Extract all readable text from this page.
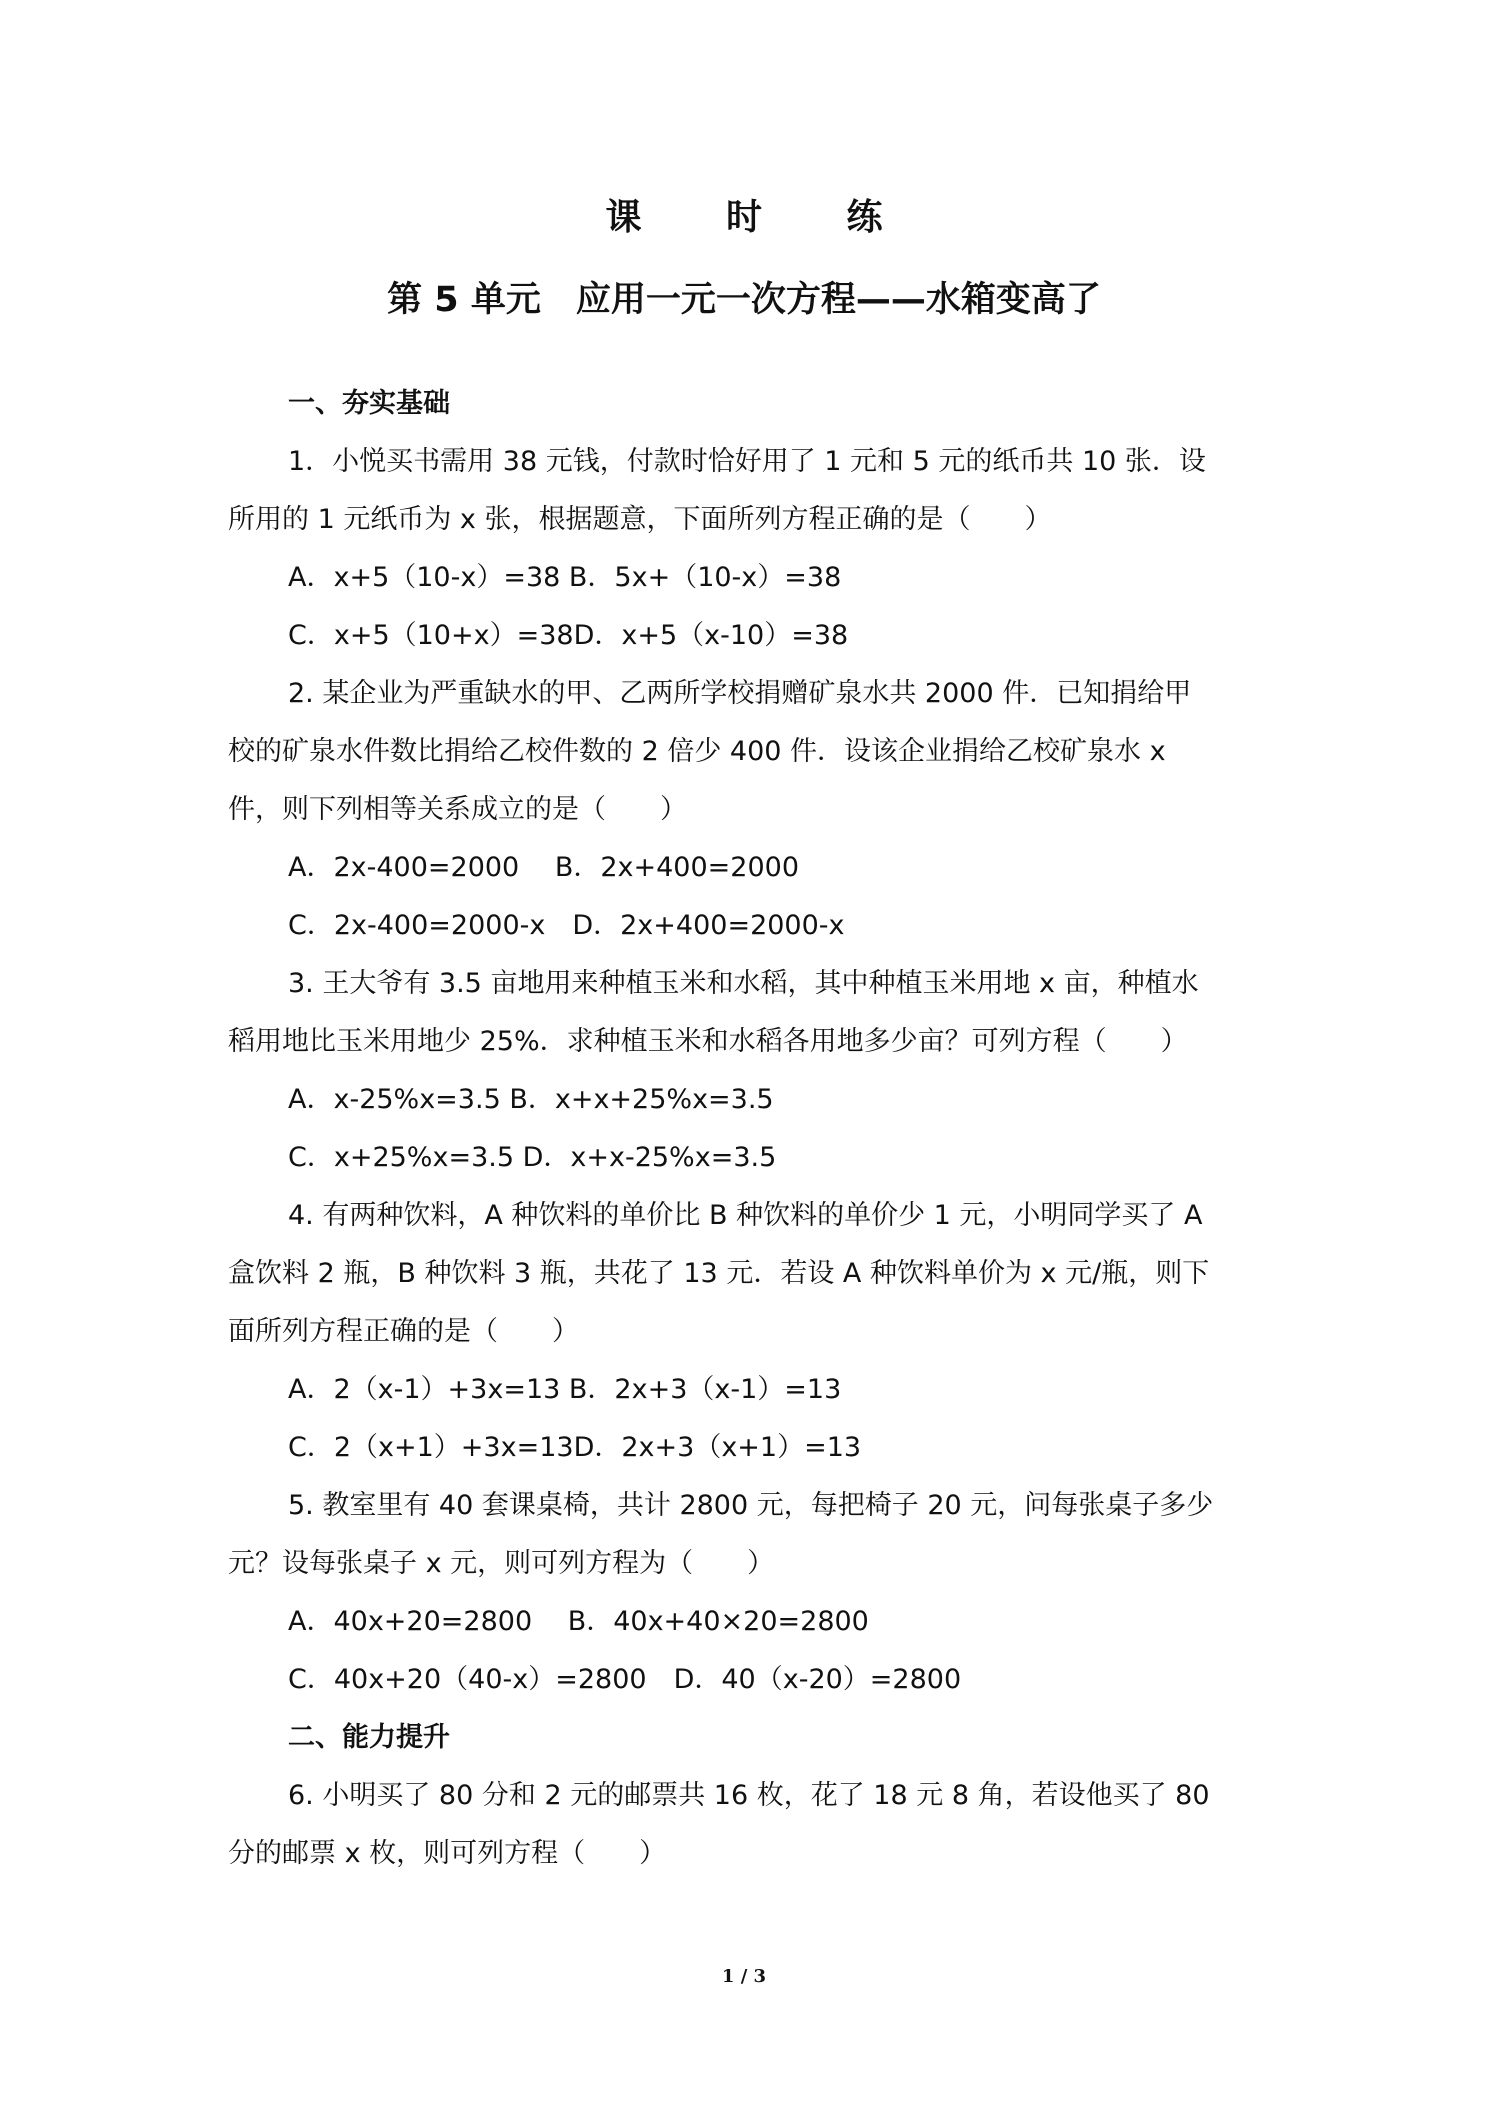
课 时 练
第 5 单元　应用一元一次方程——水箱变高了
一、夯实基础
1．小悦买书需用 38 元钱，付款时恰好用了 1 元和 5 元的纸币共 10 张．设
所用的 1 元纸币为 x 张，根据题意，下面所列方程正确的是（　　）
A．x+5（10-x）=38 B．5x+（10-x）=38
C．x+5（10+x）=38D．x+5（x-10）=38
2. 某企业为严重缺水的甲、乙两所学校捐赠矿泉水共 2000 件．已知捐给甲
校的矿泉水件数比捐给乙校件数的 2 倍少 400 件．设该企业捐给乙校矿泉水 x
件，则下列相等关系成立的是（　　）
A．2x-400=2000　 B．2x+400=2000
C．2x-400=2000-x　D．2x+400=2000-x
3. 王大爷有 3.5 亩地用来种植玉米和水稻，其中种植玉米用地 x 亩，种植水
稻用地比玉米用地少 25%．求种植玉米和水稻各用地多少亩？可列方程（　　）
A．x-25%x=3.5 B．x+x+25%x=3.5
C．x+25%x=3.5 D．x+x-25%x=3.5
4. 有两种饮料，A 种饮料的单价比 B 种饮料的单价少 1 元，小明同学买了 A
盒饮料 2 瓶，B 种饮料 3 瓶，共花了 13 元．若设 A 种饮料单价为 x 元/瓶，则下
面所列方程正确的是（　　）
A．2（x-1）+3x=13 B．2x+3（x-1）=13
C．2（x+1）+3x=13D．2x+3（x+1）=13
5. 教室里有 40 套课桌椅，共计 2800 元，每把椅子 20 元，问每张桌子多少
元？设每张桌子 x 元，则可列方程为（　　）
A．40x+20=2800　 B．40x+40×20=2800
C．40x+20（40-x）=2800　D．40（x-20）=2800
二、能力提升
6. 小明买了 80 分和 2 元的邮票共 16 枚，花了 18 元 8 角，若设他买了 80
分的邮票 x 枚，则可列方程（　　）
1 / 3
